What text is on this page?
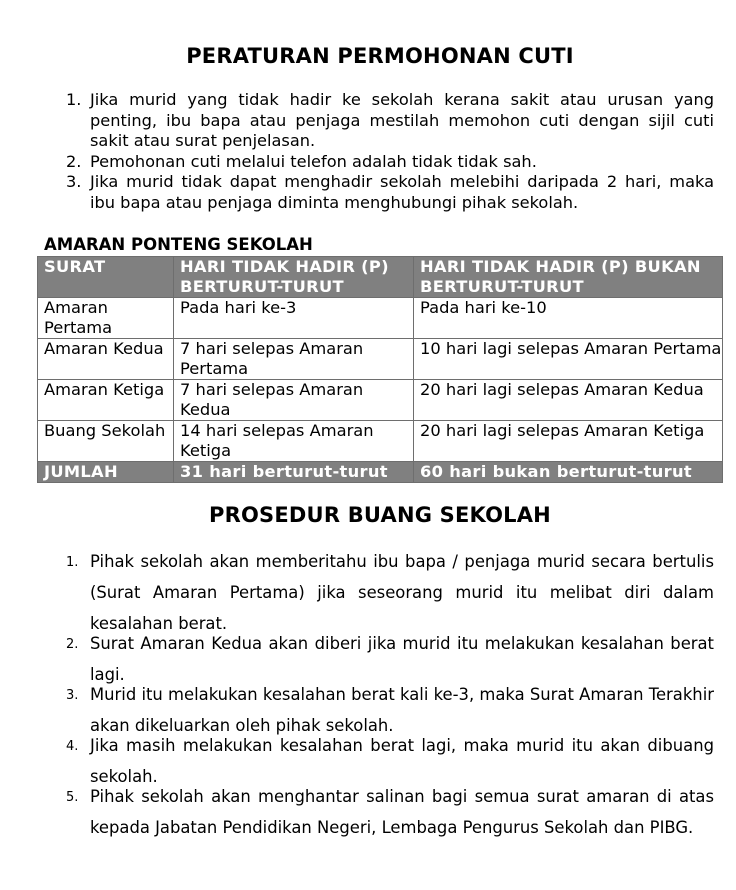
PERATURAN PERMOHONAN CUTI
1. Jika murid yang tidak hadir ke sekolah kerana sakit atau urusan yang penting, ibu bapa atau penjaga mestilah memohon cuti dengan sijil cuti sakit atau surat penjelasan.
2. Pemohonan cuti melalui telefon adalah tidak tidak sah.
3. Jika murid tidak dapat menghadir sekolah melebihi daripada 2 hari, maka ibu bapa atau penjaga diminta menghubungi pihak sekolah.
AMARAN PONTENG SEKOLAH
SURAT	HARI TIDAK HADIR (P) BERTURUT-TURUT	HARI TIDAK HADIR (P) BUKAN BERTURUT-TURUT
Amaran Pertama	Pada hari ke-3	Pada hari ke-10
Amaran Kedua	7 hari selepas Amaran Pertama	10 hari lagi selepas Amaran Pertama
Amaran Ketiga	7 hari selepas Amaran Kedua	20 hari lagi selepas Amaran Kedua
Buang Sekolah	14 hari selepas Amaran Ketiga	20 hari lagi selepas Amaran Ketiga
JUMLAH	31 hari berturut-turut	60 hari bukan berturut-turut
PROSEDUR BUANG SEKOLAH
1. Pihak sekolah akan memberitahu ibu bapa / penjaga murid secara bertulis (Surat Amaran Pertama) jika seseorang murid itu melibat diri dalam kesalahan berat.
2. Surat Amaran Kedua akan diberi jika murid itu melakukan kesalahan berat lagi.
3. Murid itu melakukan kesalahan berat kali ke-3, maka Surat Amaran Terakhir akan dikeluarkan oleh pihak sekolah.
4. Jika masih melakukan kesalahan berat lagi, maka murid itu akan dibuang sekolah.
5. Pihak sekolah akan menghantar salinan bagi semua surat amaran di atas kepada Jabatan Pendidikan Negeri, Lembaga Pengurus Sekolah dan PIBG.
